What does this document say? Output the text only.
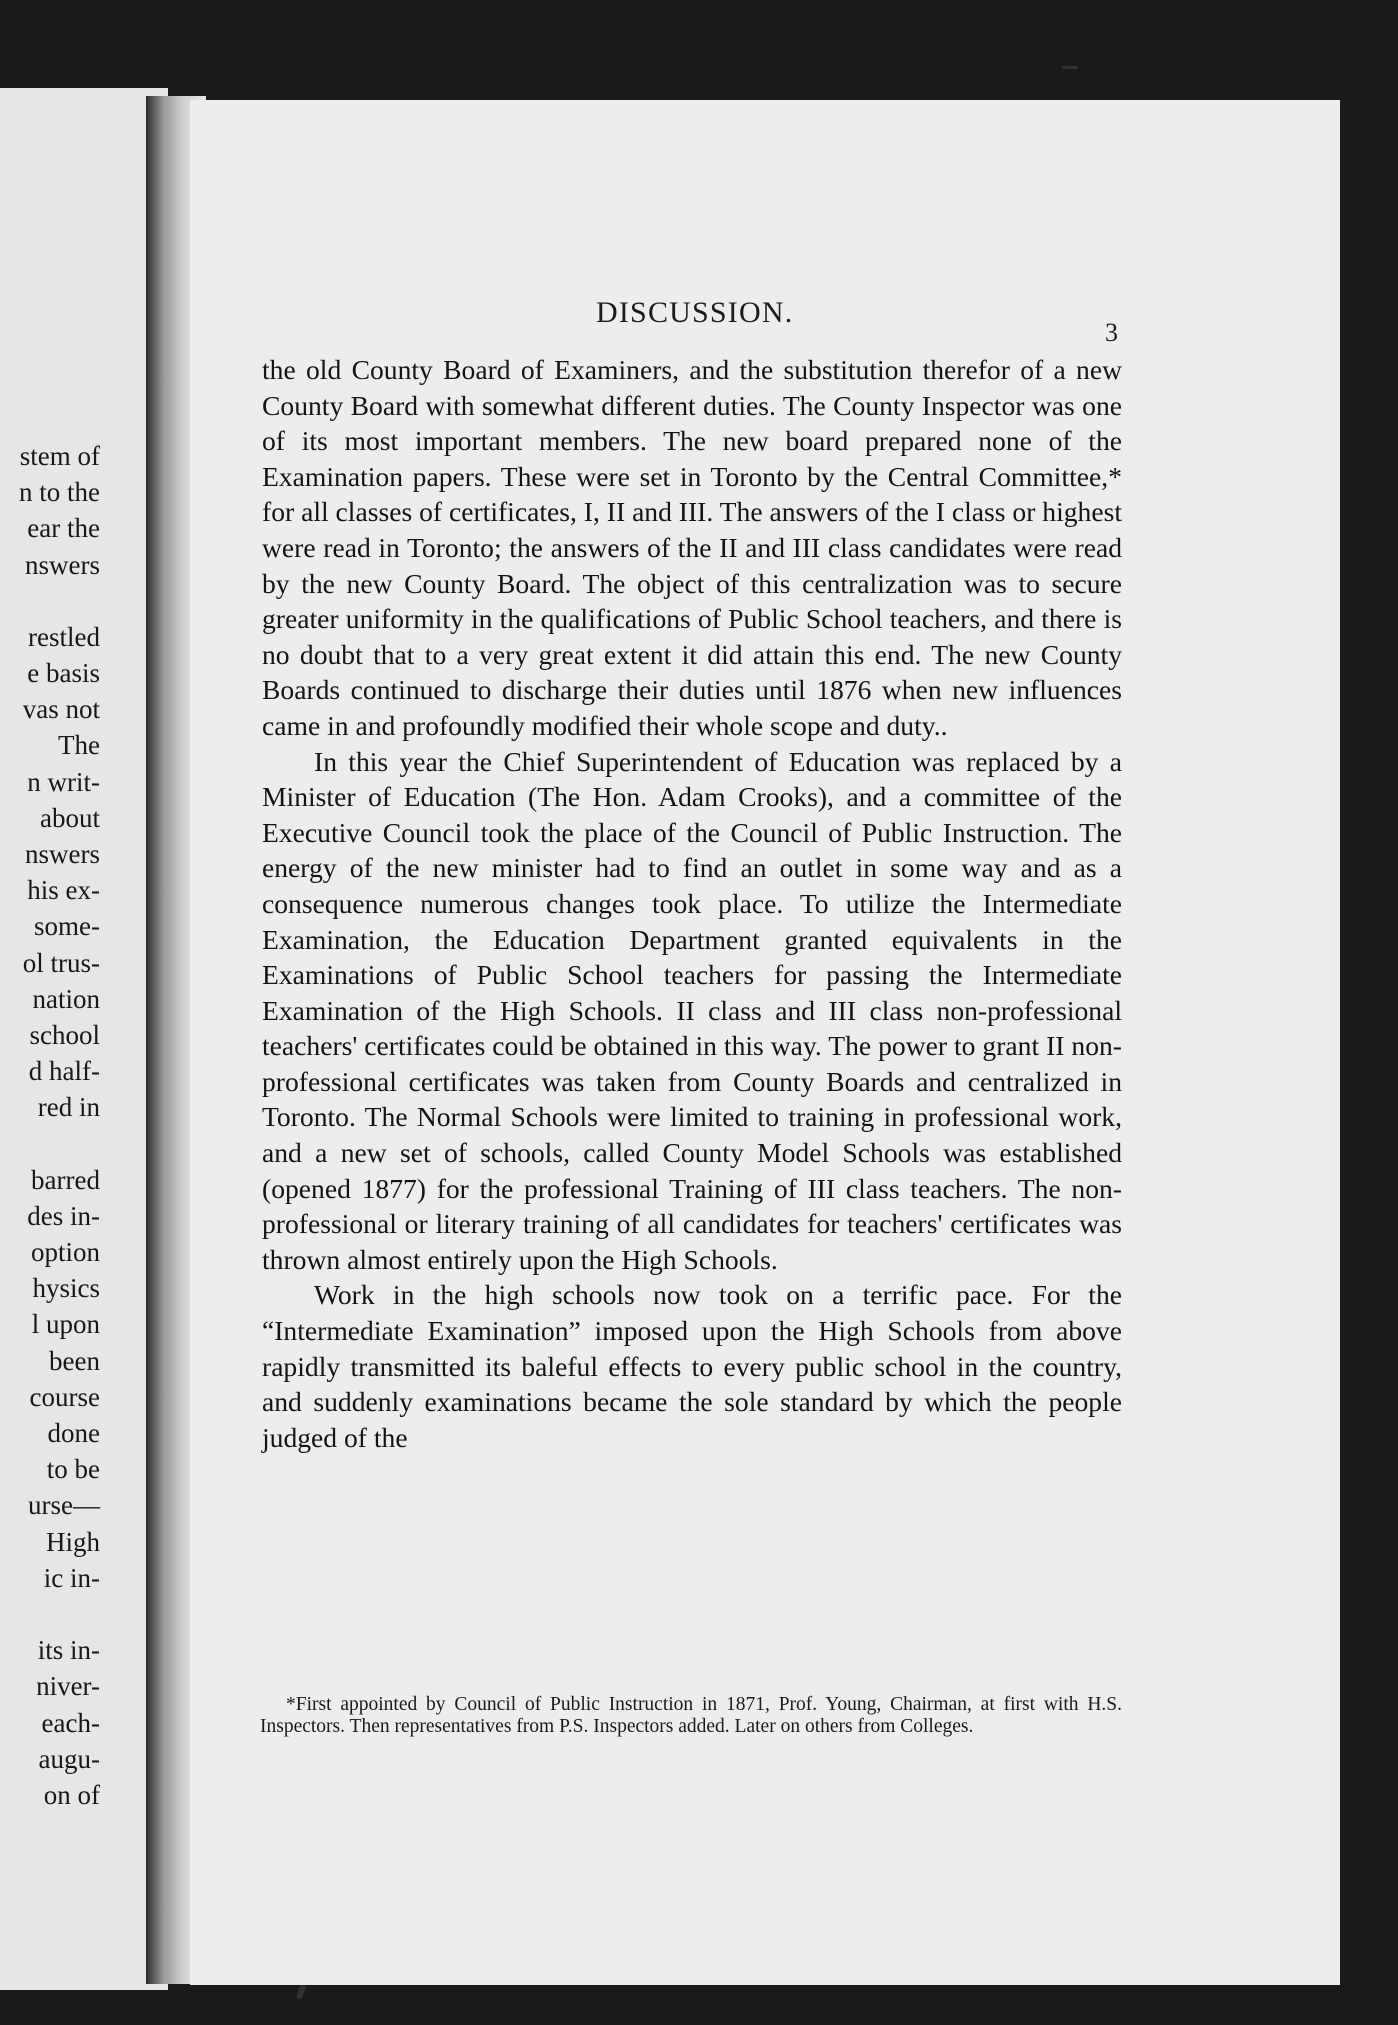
stem of
n to the
ear the
nswers
restled
e basis
vas not
The
n writ-
about
nswers
his ex-
some-
ol trus-
nation
school
d half-
red in
barred
des in-
option
hysics
l upon
been
course
done
to be
urse—
High
ic in-
its in-
niver-
each-
augu-
on of
DISCUSSION.
3

the old County Board of Examiners, and the substitution therefor of a new County Board with somewhat different duties. The County Inspector was one of its most important members. The new board prepared none of the Examination papers. These were set in Toronto by the Central Committee,* for all classes of certificates, I, II and III. The answers of the I class or highest were read in Toronto; the answers of the II and III class candidates were read by the new County Board. The object of this centralization was to secure greater uniformity in the qualifications of Public School teachers, and there is no doubt that to a very great extent it did attain this end. The new County Boards continued to discharge their duties until 1876 when new influences came in and profoundly modified their whole scope and duty..

In this year the Chief Superintendent of Education was replaced by a Minister of Education (The Hon. Adam Crooks), and a committee of the Executive Council took the place of the Council of Public Instruction. The energy of the new minister had to find an outlet in some way and as a consequence numerous changes took place. To utilize the Intermediate Examination, the Education Department granted equivalents in the Examinations of Public School teachers for passing the Intermediate Examination of the High Schools. II class and III class non-professional teachers' certificates could be obtained in this way. The power to grant II non-professional certificates was taken from County Boards and centralized in Toronto. The Normal Schools were limited to training in professional work, and a new set of schools, called County Model Schools was established (opened 1877) for the professional Training of III class teachers. The non-professional or literary training of all candidates for teachers' certificates was thrown almost entirely upon the High Schools.

Work in the high schools now took on a terrific pace. For the “Intermediate Examination” imposed upon the High Schools from above rapidly transmitted its baleful effects to every public school in the country, and suddenly examinations became the sole standard by which the people judged of the

*First appointed by Council of Public Instruction in 1871, Prof. Young, Chairman, at first with H.S. Inspectors. Then representatives from P.S. Inspectors added. Later on others from Colleges.
